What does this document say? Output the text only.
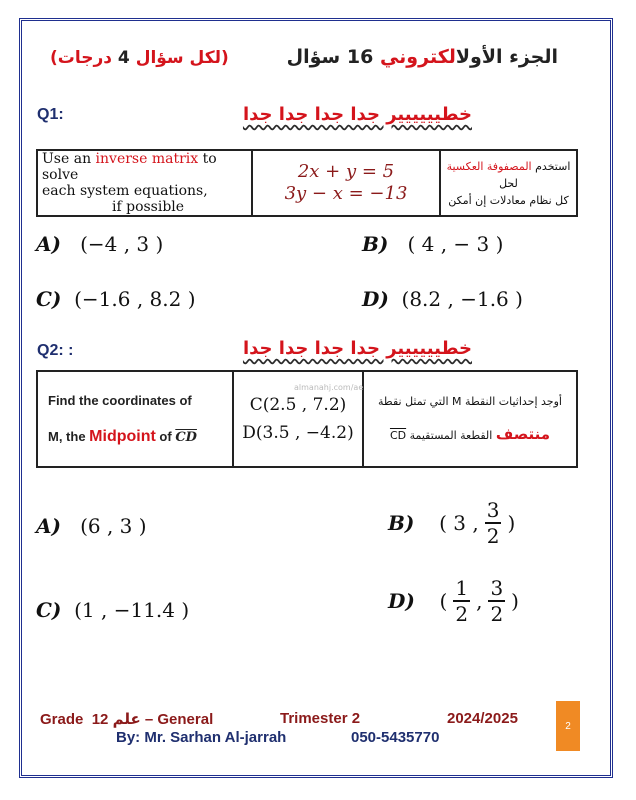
الجزء الأولالكتروني 16 سؤال
(لكل سؤال 4 درجات)
Q1:	خطيييييير جدا جدا جدا جدا
Use an inverse matrix to solve
each system equations,
if possible	
2x + y = 5
3y − x = −13
	استخدم المصفوفة العكسية لحل
كل نظام معادلات إن أمكن
A) (−4 , 3 )	B) ( 4 , − 3 )
C) (−1.6 , 8.2 )	D) (8.2 , −1.6 )
Q2: :	خطيييييير جدا جدا جدا جدا
Find the coordinates of
M, the Midpoint of $\overline{CD}$	
C(2.5 , 7.2)
D(3.5 , −4.2)
almanahj.com/ae
	أوجد إحداثيات النقطة M التي تمثل نقطة
منتصف القطعة المستقيمة CD
A) (6 , 3 )	B)
( 3 , $\frac{3}{2}$ )
C) (1 , −11.4 )	D)
( $\frac{1}{2}$ , $\frac{3}{2}$ )
Grade علم 12 – General	Trimester 2	2024/2025
By: Mr. Sarhan Al-jarrah	050-5435770
2
